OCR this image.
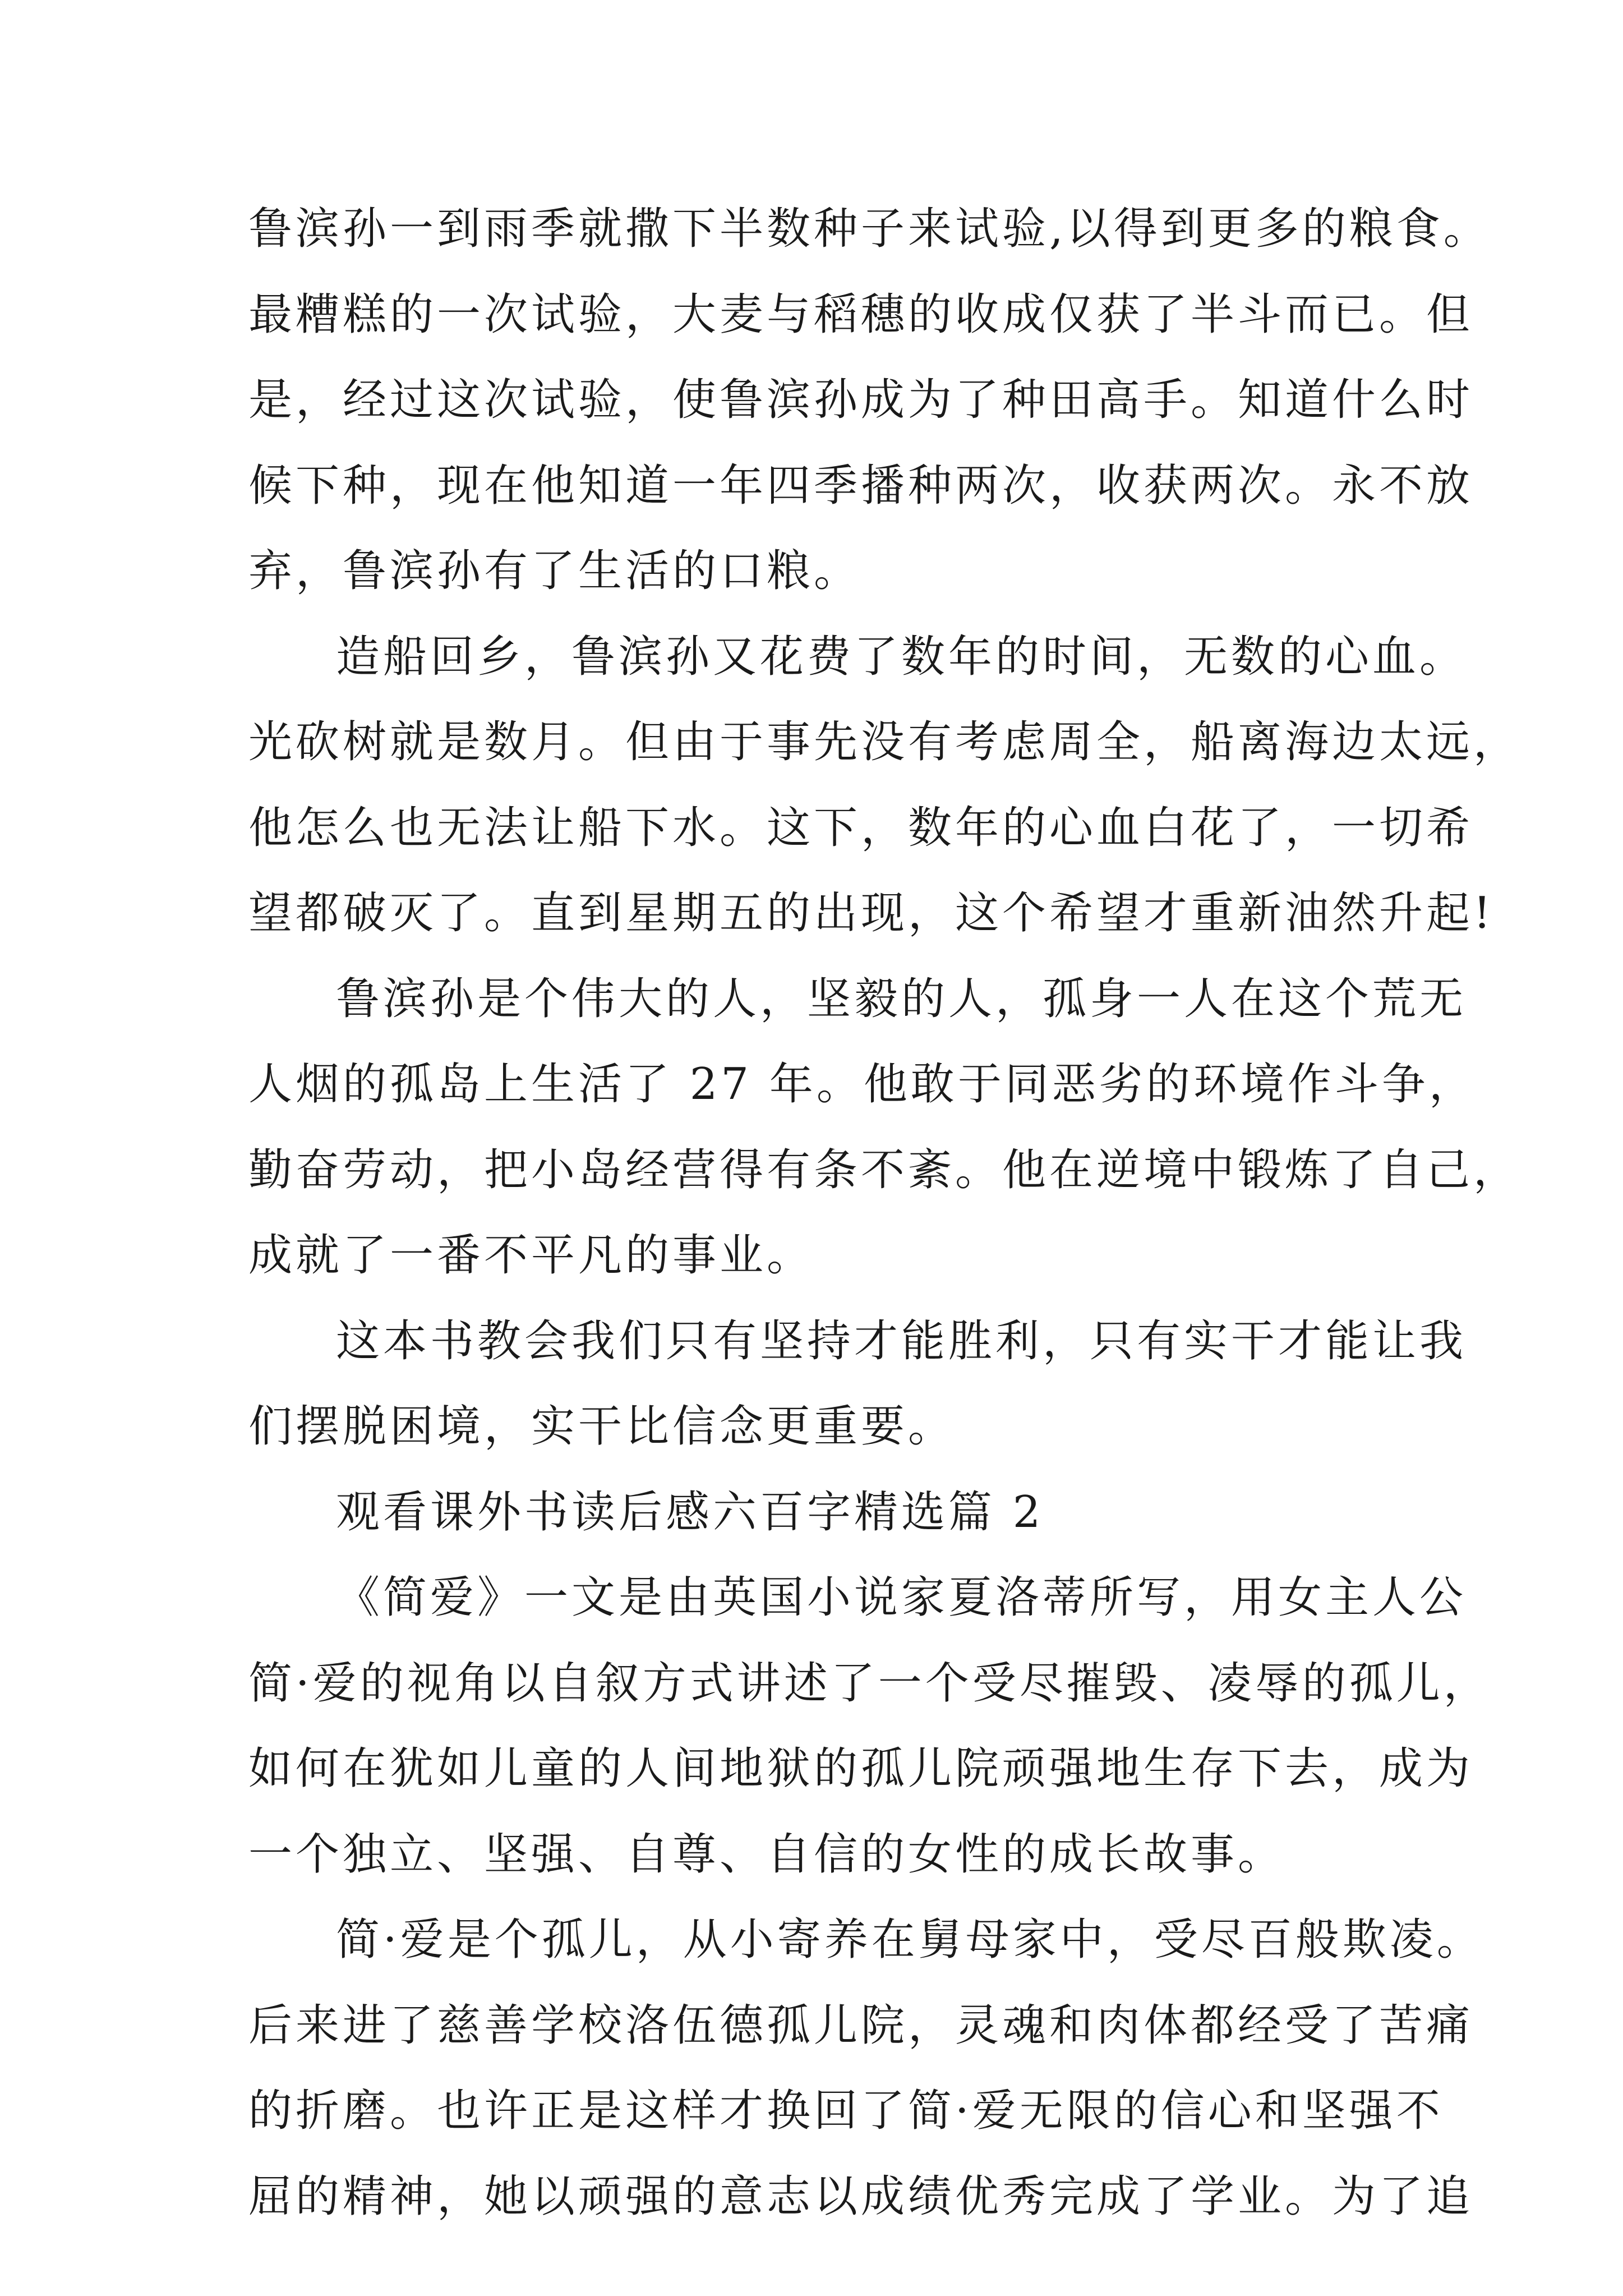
鲁滨孙一到雨季就撒下半数种子来试验,以得到更多的粮食。
最糟糕的一次试验，大麦与稻穗的收成仅获了半斗而已。但
是，经过这次试验，使鲁滨孙成为了种田高手。知道什么时
候下种，现在他知道一年四季播种两次，收获两次。永不放
弃，鲁滨孙有了生活的口粮。
造船回乡，鲁滨孙又花费了数年的时间，无数的心血。
光砍树就是数月。但由于事先没有考虑周全，船离海边太远，
他怎么也无法让船下水。这下，数年的心血白花了，一切希
望都破灭了。直到星期五的出现，这个希望才重新油然升起!
鲁滨孙是个伟大的人，坚毅的人，孤身一人在这个荒无
人烟的孤岛上生活了 27 年。他敢于同恶劣的环境作斗争，
勤奋劳动，把小岛经营得有条不紊。他在逆境中锻炼了自己，
成就了一番不平凡的事业。
这本书教会我们只有坚持才能胜利，只有实干才能让我
们摆脱困境，实干比信念更重要。
观看课外书读后感六百字精选篇 2
《简爱》一文是由英国小说家夏洛蒂所写，用女主人公
简·爱的视角以自叙方式讲述了一个受尽摧毁、凌辱的孤儿，
如何在犹如儿童的人间地狱的孤儿院顽强地生存下去，成为
一个独立、坚强、自尊、自信的女性的成长故事。
简·爱是个孤儿，从小寄养在舅母家中，受尽百般欺凌。
后来进了慈善学校洛伍德孤儿院，灵魂和肉体都经受了苦痛
的折磨。也许正是这样才换回了简·爱无限的信心和坚强不
屈的精神，她以顽强的意志以成绩优秀完成了学业。为了追
